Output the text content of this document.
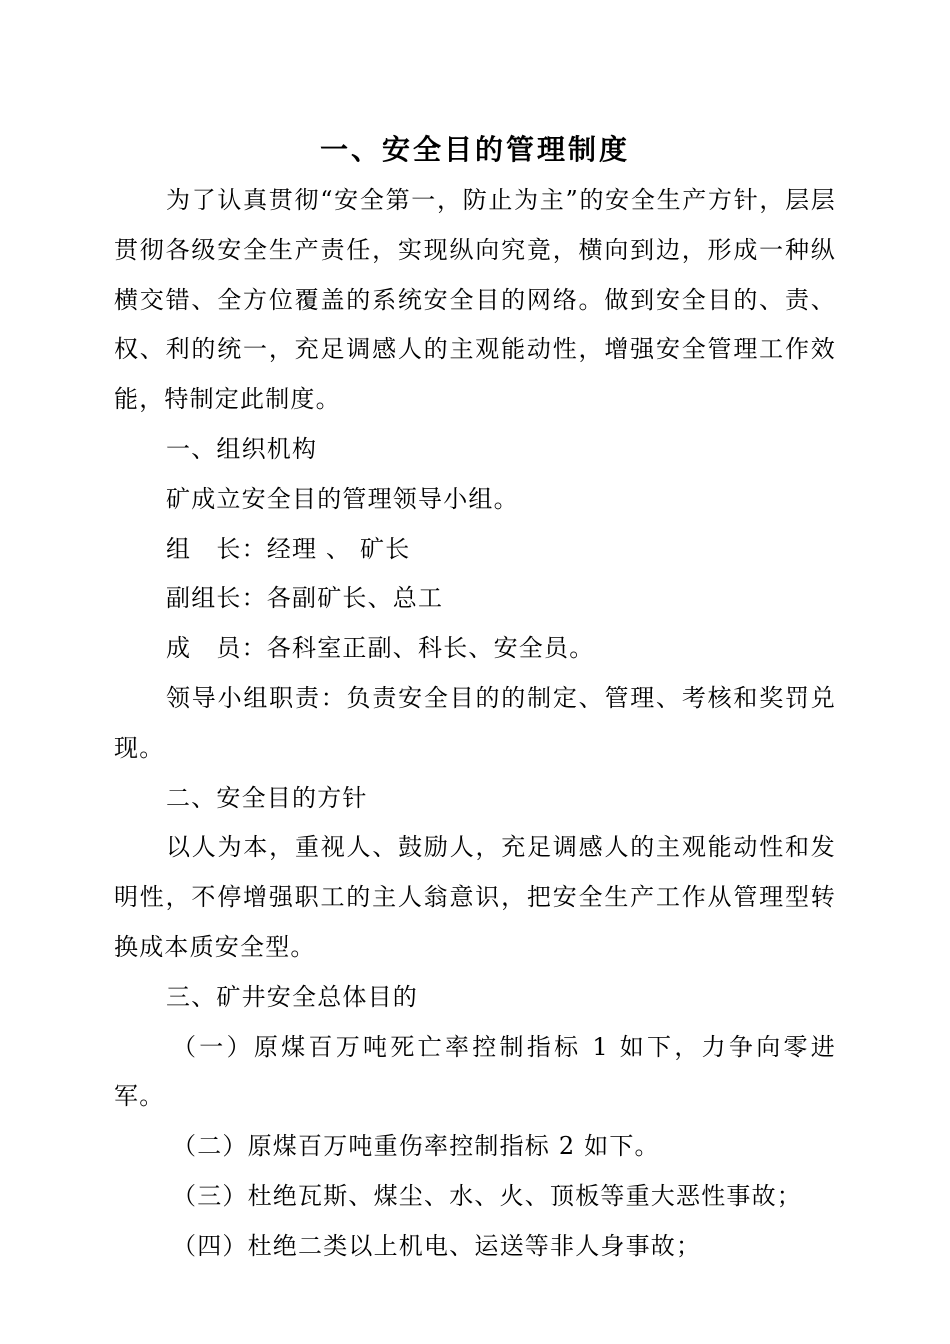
一、安全目的管理制度

为了认真贯彻“安全第一，防止为主”的安全生产方针，层层贯彻各级安全生产责任，实现纵向究竟，横向到边，形成一种纵横交错、全方位覆盖的系统安全目的网络。做到安全目的、责、权、利的统一，充足调感人的主观能动性，增强安全管理工作效能，特制定此制度。

一、组织机构

矿成立安全目的管理领导小组。

组　长：经理 、 矿长

副组长：各副矿长、总工

成　员：各科室正副、科长、安全员。

领导小组职责：负责安全目的的制定、管理、考核和奖罚兑现。

二、安全目的方针

以人为本，重视人、鼓励人，充足调感人的主观能动性和发明性，不停增强职工的主人翁意识，把安全生产工作从管理型转换成本质安全型。

三、矿井安全总体目的

（一）原煤百万吨死亡率控制指标 1 如下，力争向零进军。

（二）原煤百万吨重伤率控制指标 2 如下。

（三）杜绝瓦斯、煤尘、水、火、顶板等重大恶性事故；

（四）杜绝二类以上机电、运送等非人身事故；
